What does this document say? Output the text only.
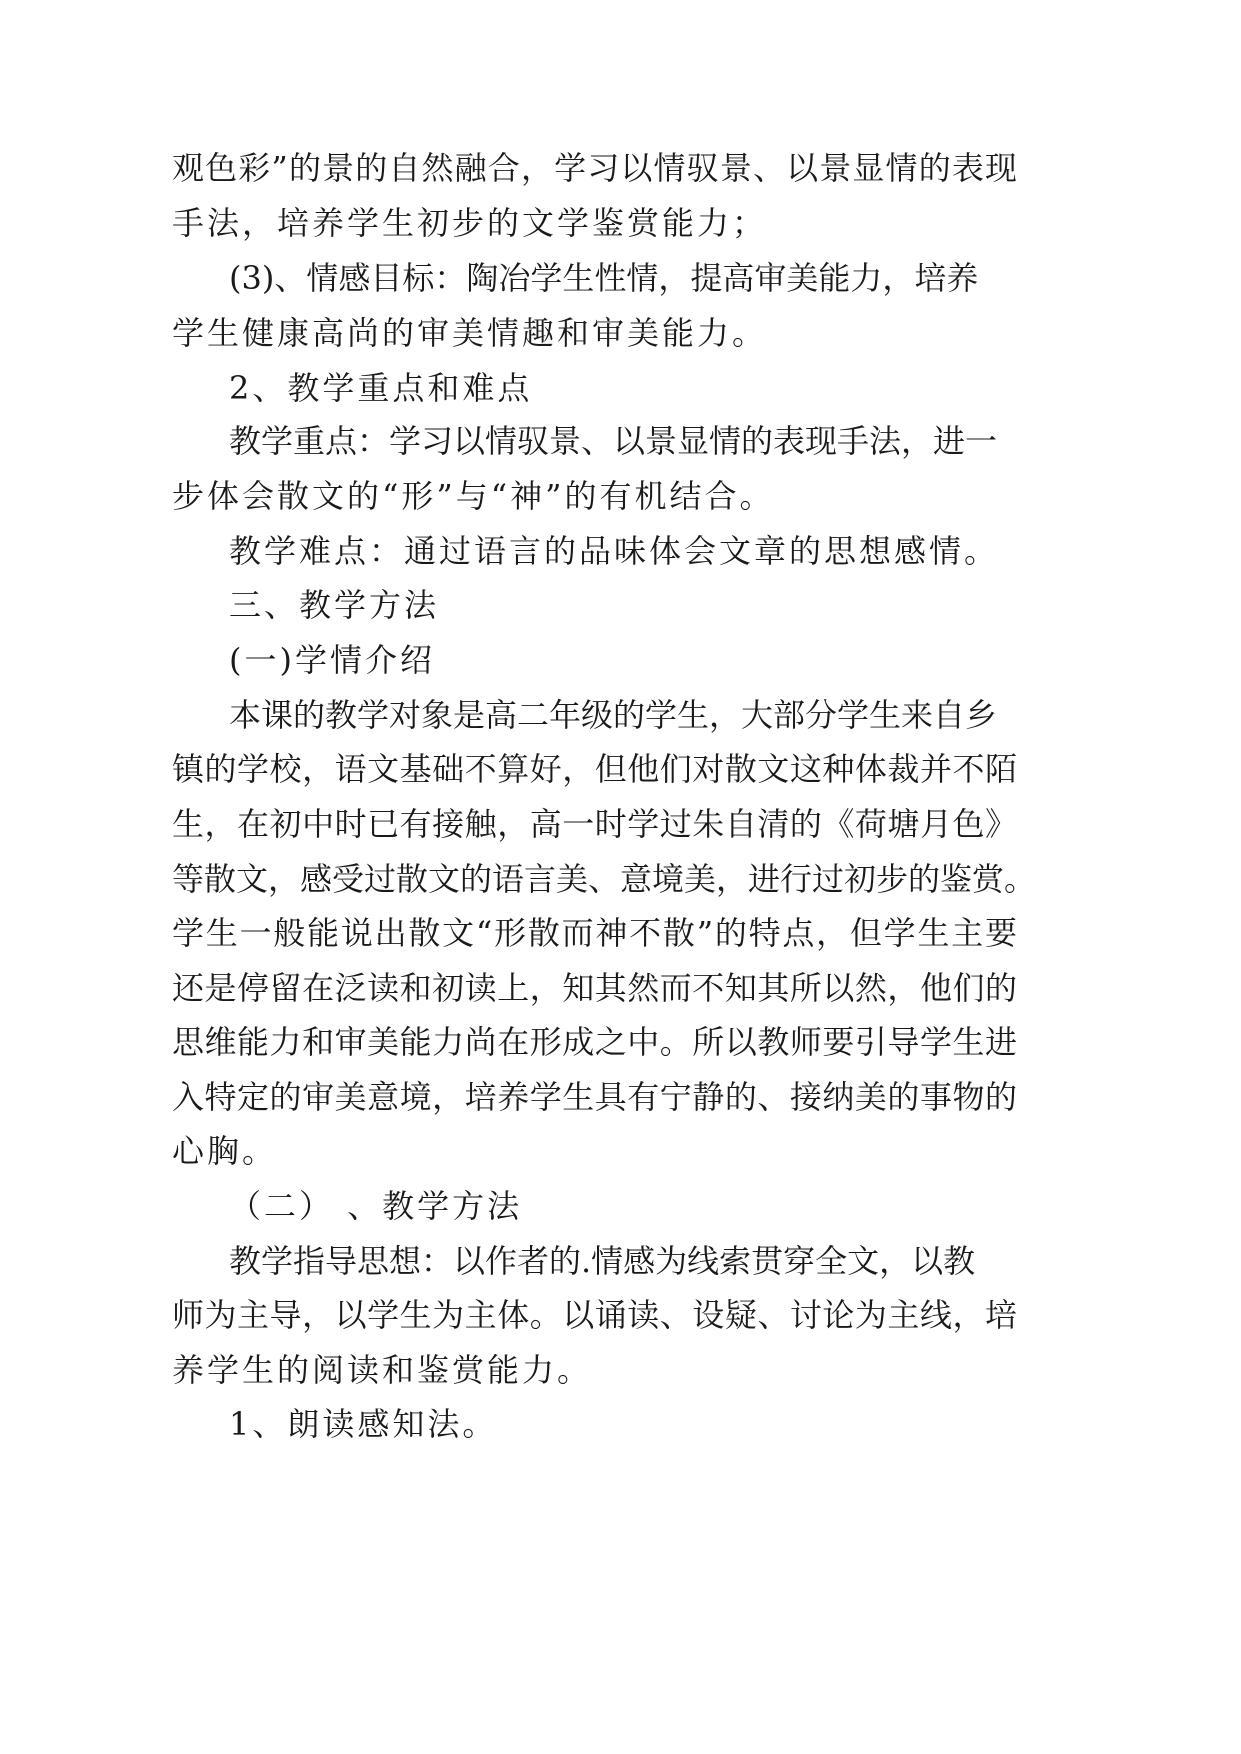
观色彩”的景的自然融合，学习以情驭景、以景显情的表现
手法，培养学生初步的文学鉴赏能力；
(3)、情感目标：陶冶学生性情，提高审美能力，培养
学生健康高尚的审美情趣和审美能力。
2、教学重点和难点
教学重点：学习以情驭景、以景显情的表现手法，进一
步体会散文的“形”与“神”的有机结合。
教学难点：通过语言的品味体会文章的思想感情。
三、教学方法
(一)学情介绍
本课的教学对象是高二年级的学生，大部分学生来自乡
镇的学校，语文基础不算好，但他们对散文这种体裁并不陌
生，在初中时已有接触，高一时学过朱自清的《荷塘月色》
等散文，感受过散文的语言美、意境美，进行过初步的鉴赏。
学生一般能说出散文“形散而神不散”的特点，但学生主要
还是停留在泛读和初读上，知其然而不知其所以然，他们的
思维能力和审美能力尚在形成之中。所以教师要引导学生进
入特定的审美意境，培养学生具有宁静的、接纳美的事物的
心胸。
（二） 、教学方法
教学指导思想：以作者的.情感为线索贯穿全文，以教
师为主导，以学生为主体。以诵读、设疑、讨论为主线，培
养学生的阅读和鉴赏能力。
1、朗读感知法。
